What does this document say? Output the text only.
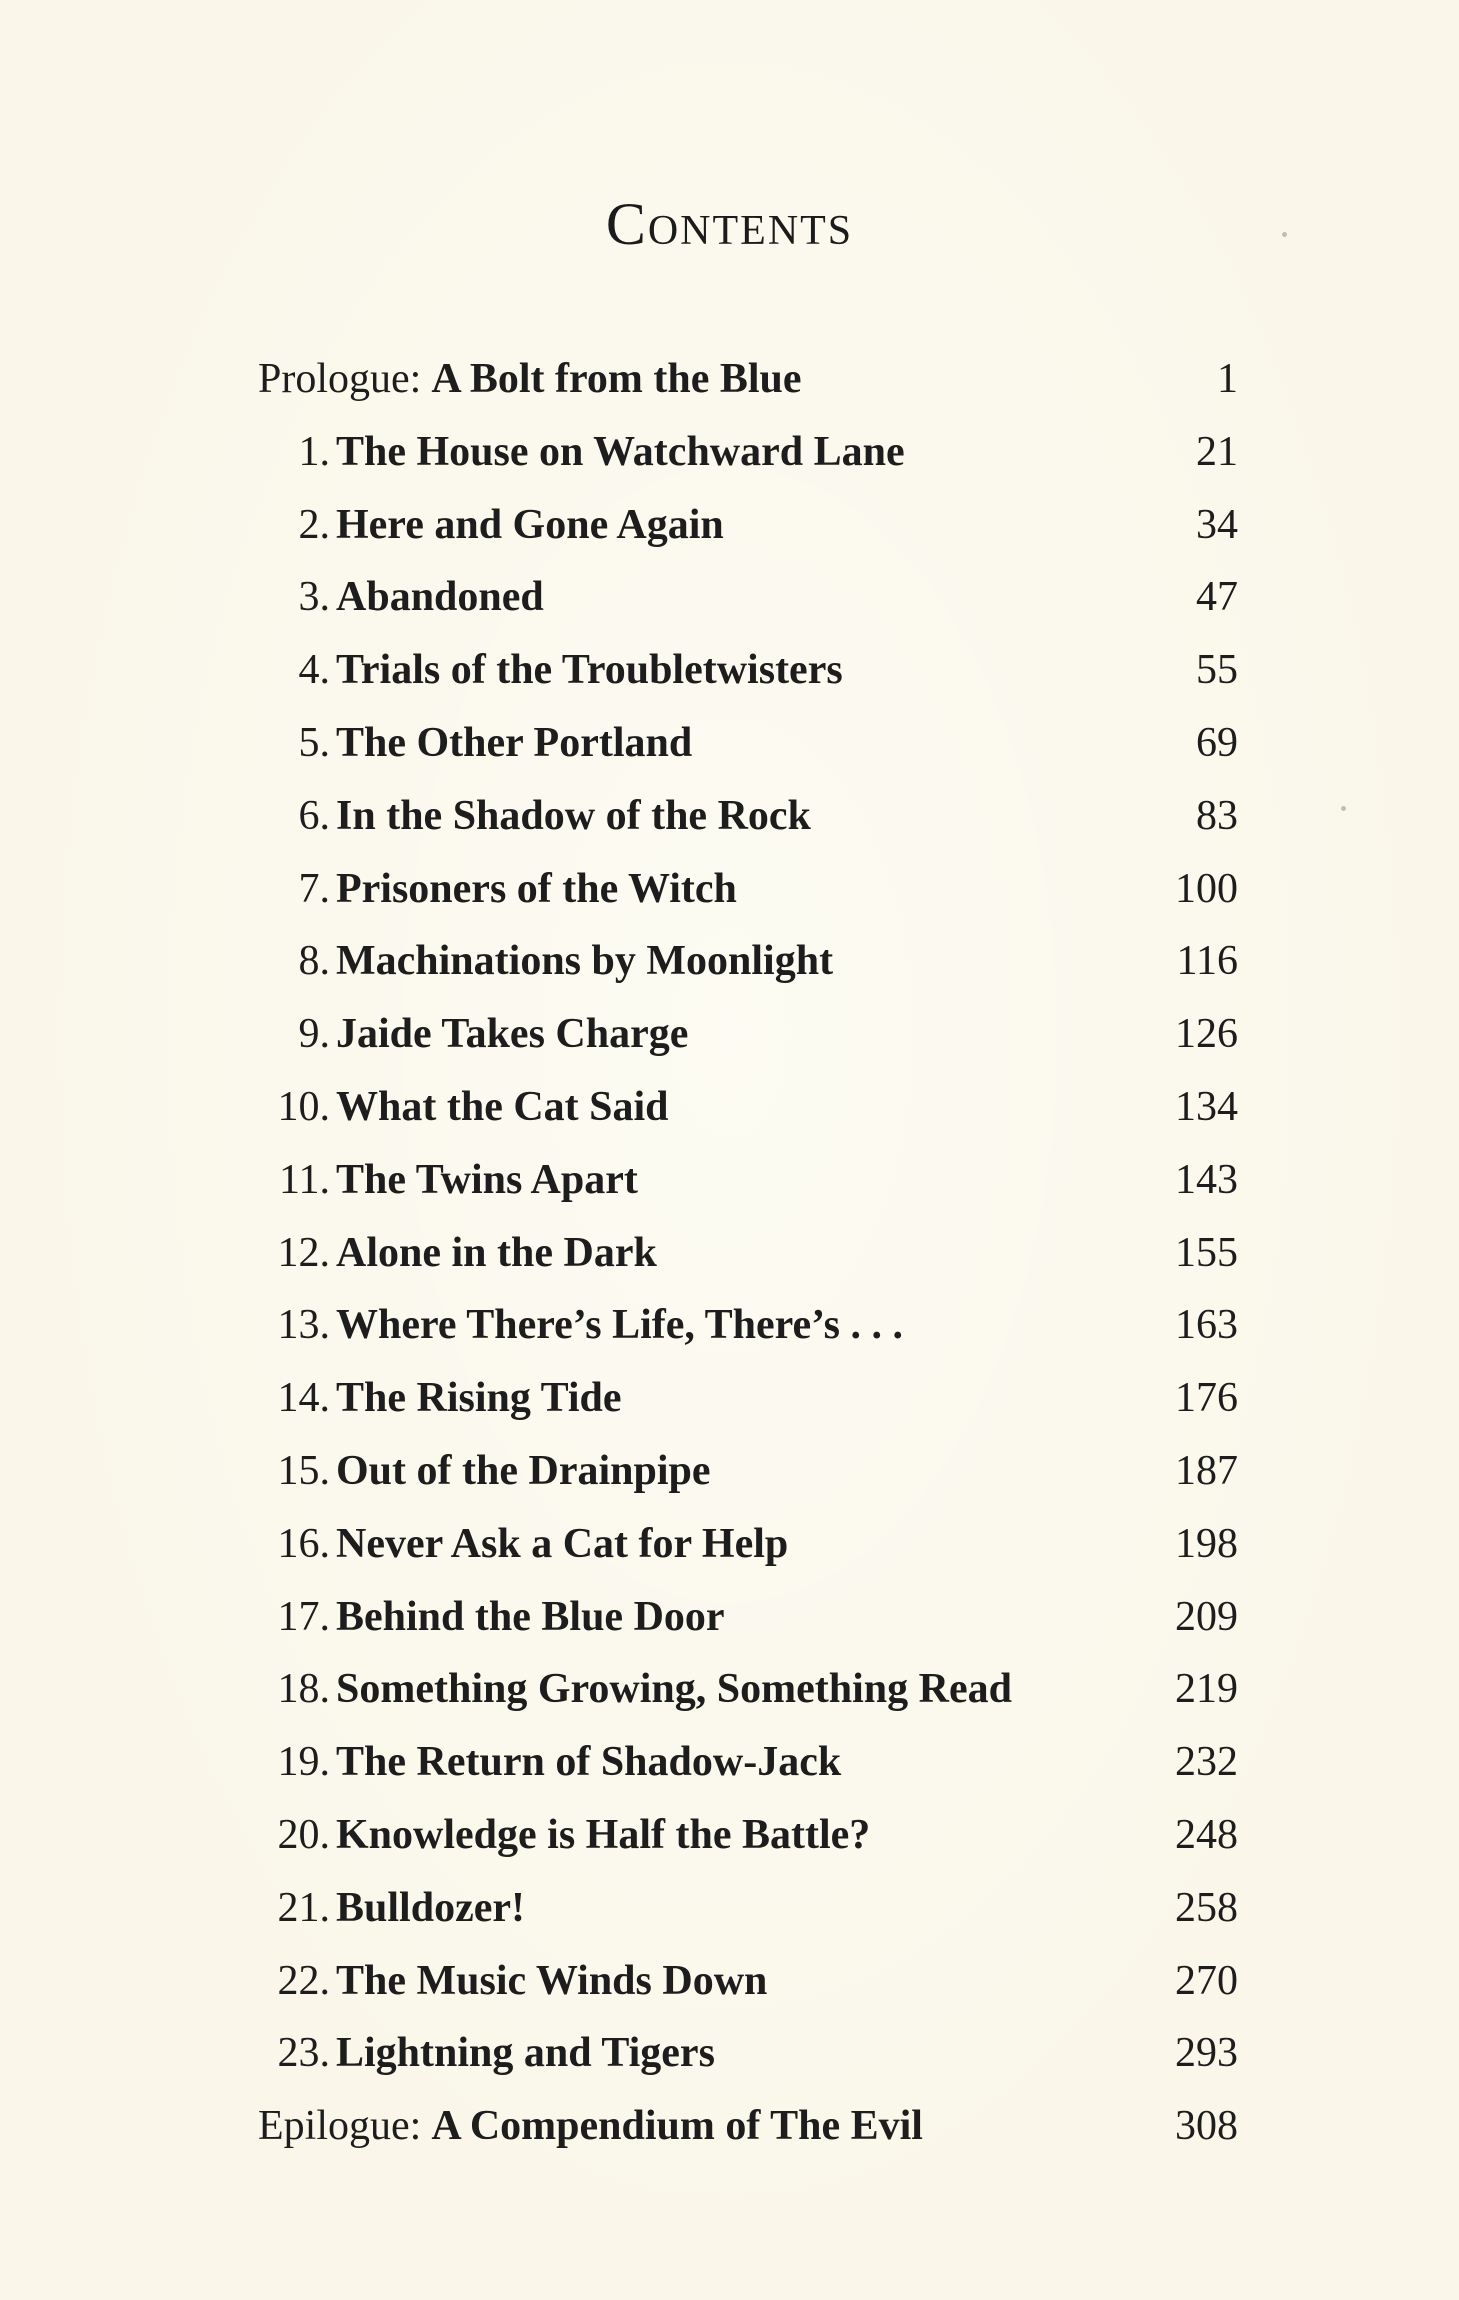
Contents
Prologue: A Bolt from the Blue	1
1. The House on Watchward Lane	21
2. Here and Gone Again	34
3. Abandoned	47
4. Trials of the Troubletwisters	55
5. The Other Portland	69
6. In the Shadow of the Rock	83
7. Prisoners of the Witch	100
8. Machinations by Moonlight	116
9. Jaide Takes Charge	126
10. What the Cat Said	134
11. The Twins Apart	143
12. Alone in the Dark	155
13. Where There’s Life, There’s . . .	163
14. The Rising Tide	176
15. Out of the Drainpipe	187
16. Never Ask a Cat for Help	198
17. Behind the Blue Door	209
18. Something Growing, Something Read	219
19. The Return of Shadow-Jack	232
20. Knowledge is Half the Battle?	248
21. Bulldozer!	258
22. The Music Winds Down	270
23. Lightning and Tigers	293
Epilogue: A Compendium of The Evil	308
